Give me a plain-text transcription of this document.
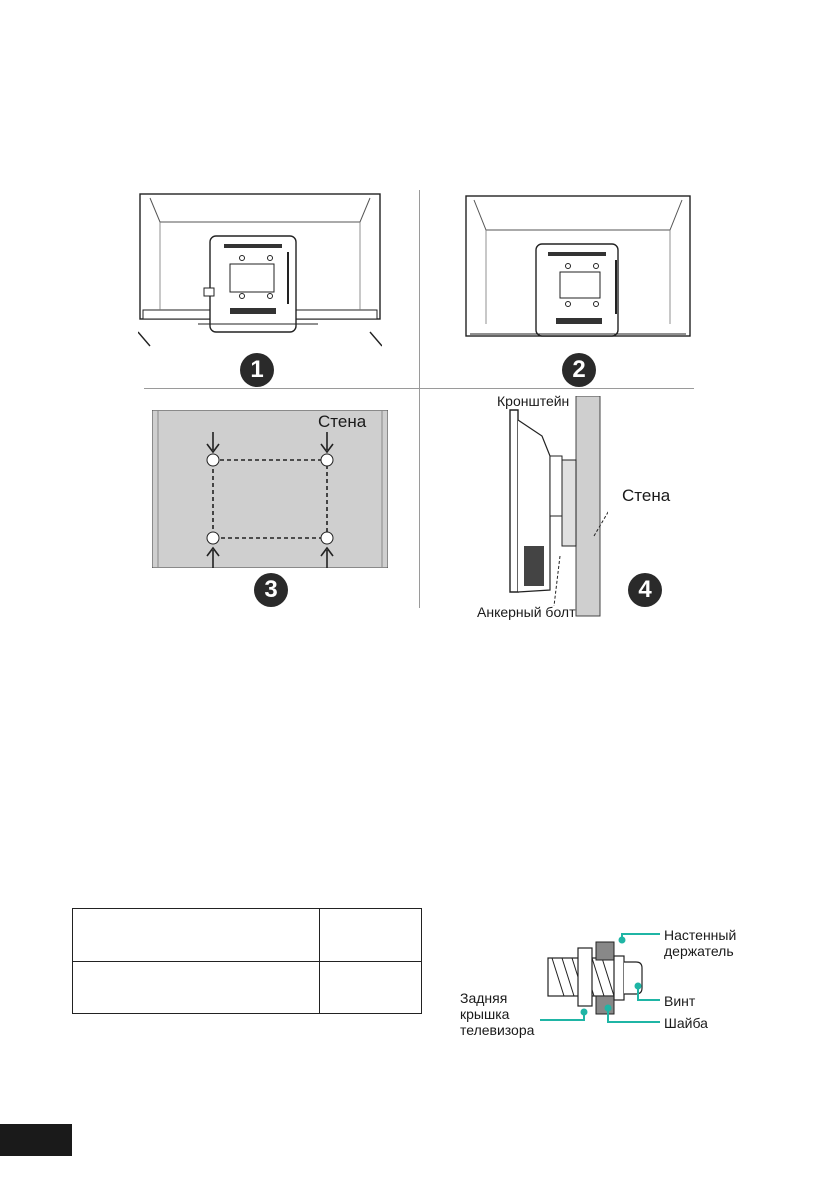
1	2
Стена
3
Кронштейн
Стена
Анкерный болт
4

Настенный
держатель
Винт
Шайба
Задняя
крышка
телевизора
